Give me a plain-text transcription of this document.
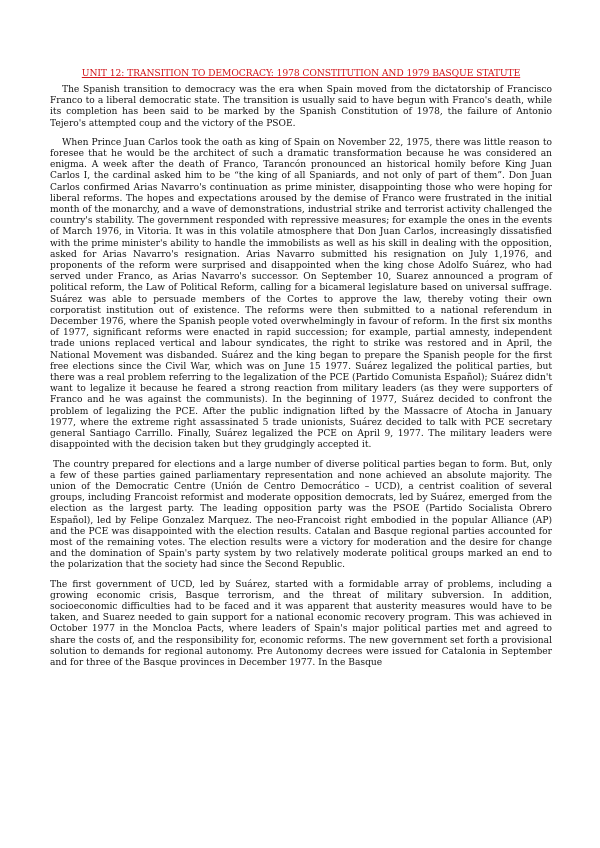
UNIT 12: TRANSITION TO DEMOCRACY: 1978 CONSTITUTION AND 1979 BASQUE STATUTE

The Spanish transition to democracy was the era when Spain moved from the dictatorship of Francisco Franco to a liberal democratic state. The transition is usually said to have begun with Franco's death, while its completion has been said to be marked by the Spanish Constitution of 1978, the failure of Antonio Tejero's attempted coup and the victory of the PSOE.

When Prince Juan Carlos took the oath as king of Spain on November 22, 1975, there was little reason to foresee that he would be the architect of such a dramatic transformation because he was considered an enigma. A week after the death of Franco, Tarancón pronounced an historical homily before King Juan Carlos I, the cardinal asked him to be “the king of all Spaniards, and not only of part of them”. Don Juan Carlos confirmed Arias Navarro's continuation as prime minister, disappointing those who were hoping for liberal reforms. The hopes and expectations aroused by the demise of Franco were frustrated in the initial month of the monarchy, and a wave of demonstrations, industrial strike and terrorist activity challenged the country's stability. The government responded with repressive measures; for example the ones in the events of March 1976, in Vitoria. It was in this volatile atmosphere that Don Juan Carlos, increasingly dissatisfied with the prime minister's ability to handle the immobilists as well as his skill in dealing with the opposition, asked for Arias Navarro's resignation. Arias Navarro submitted his resignation on July 1,1976, and proponents of the reform were surprised and disappointed when the king chose Adolfo Suárez, who had served under Franco, as Arias Navarro's successor. On September 10, Suarez announced a program of political reform, the Law of Political Reform, calling for a bicameral legislature based on universal suffrage. Suárez was able to persuade members of the Cortes to approve the law, thereby voting their own corporatist institution out of existence. The reforms were then submitted to a national referendum in December 1976, where the Spanish people voted overwhelmingly in favour of reform. In the first six months of 1977, significant reforms were enacted in rapid succession; for example, partial amnesty, independent trade unions replaced vertical and labour syndicates, the right to strike was restored and in April, the National Movement was disbanded. Suárez and the king began to prepare the Spanish people for the first free elections since the Civil War, which was on June 15 1977. Suárez legalized the political parties, but there was a real problem referring to the legalization of the PCE (Partido Comunista Español); Suárez didn't want to legalize it because he feared a strong reaction from military leaders (as they were supporters of Franco and he was against the communists). In the beginning of 1977, Suárez decided to confront the problem of legalizing the PCE. After the public indignation lifted by the Massacre of Atocha in January 1977, where the extreme right assassinated 5 trade unionists, Suárez decided to talk with PCE secretary general Santiago Carrillo. Finally, Suárez legalized the PCE on April 9, 1977. The military leaders were disappointed with the decision taken but they grudgingly accepted it.

The country prepared for elections and a large number of diverse political parties began to form. But, only a few of these parties gained parliamentary representation and none achieved an absolute majority. The union of the Democratic Centre (Unión de Centro Democrático – UCD), a centrist coalition of several groups, including Francoist reformist and moderate opposition democrats, led by Suárez, emerged from the election as the largest party. The leading opposition party was the PSOE (Partido Socialista Obrero Español), led by Felipe Gonzalez Marquez. The neo-Francoist right embodied in the popular Alliance (AP) and the PCE was disappointed with the election results. Catalan and Basque regional parties accounted for most of the remaining votes. The election results were a victory for moderation and the desire for change and the domination of Spain's party system by two relatively moderate political groups marked an end to the polarization that the society had since the Second Republic.

The first government of UCD, led by Suárez, started with a formidable array of problems, including a growing economic crisis, Basque terrorism, and the threat of military subversion. In addition, socioeconomic difficulties had to be faced and it was apparent that austerity measures would have to be taken, and Suarez needed to gain support for a national economic recovery program. This was achieved in October 1977 in the Moncloa Pacts, where leaders of Spain's major political parties met and agreed to share the costs of, and the responsibility for, economic reforms. The new government set forth a provisional solution to demands for regional autonomy. Pre Autonomy decrees were issued for Catalonia in September and for three of the Basque provinces in December 1977. In the Basque
